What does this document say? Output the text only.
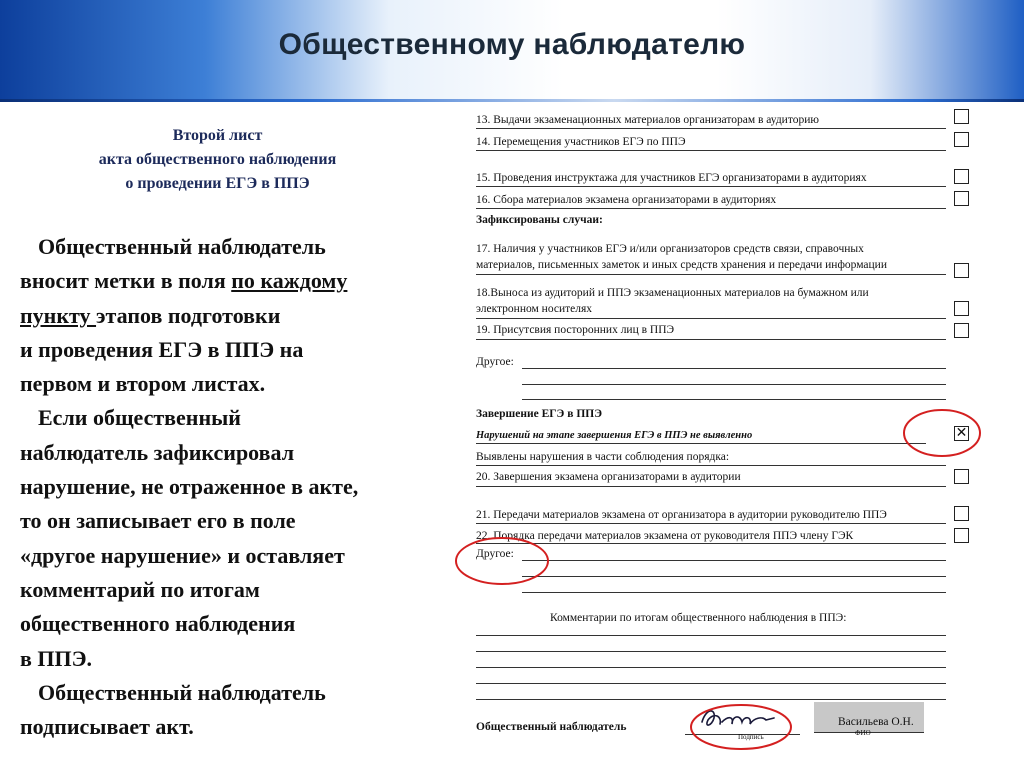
Общественному наблюдателю
Второй лист
акта общественного наблюдения
о проведении ЕГЭ в ППЭ
Общественный наблюдатель
вносит метки в поля по каждому
пункту этапов подготовки
и проведения ЕГЭ в ППЭ на
первом и втором листах.
Если общественный
наблюдатель зафиксировал
нарушение, не отраженное в акте,
то он записывает его в поле
«другое нарушение» и оставляет
комментарий по итогам
общественного наблюдения
в ППЭ.
Общественный наблюдатель
подписывает акт.
13. Выдачи экзаменационных материалов организаторам в аудиторию
14. Перемещения участников ЕГЭ по ППЭ
15. Проведения инструктажа для участников ЕГЭ организаторами в аудиториях
16. Сбора материалов экзамена организаторами в аудиториях
Зафиксированы случаи:
17. Наличия у участников ЕГЭ и/или организаторов средств связи, справочных
материалов, письменных заметок и иных средств хранения и передачи информации
18.Выноса из аудиторий и ППЭ экзаменационных материалов на бумажном или
электронном носителях
19. Присутсвия посторонних лиц в ППЭ
Другое:
Завершение ЕГЭ в ППЭ
Нарушений на этапе завершения ЕГЭ в ППЭ не выявленно
✕
Выявлены нарушения в части соблюдения порядка:
20. Завершения экзамена организаторами в аудитории
21. Передачи материалов экзамена от организатора в аудитории руководителю ППЭ
22. Порядка передачи материалов экзамена от руководителя ППЭ члену ГЭК
Другое:
Комментарии по итогам общественного наблюдения в ППЭ:
Общественный наблюдатель
Подпись
Васильева О.Н.
ФИО
